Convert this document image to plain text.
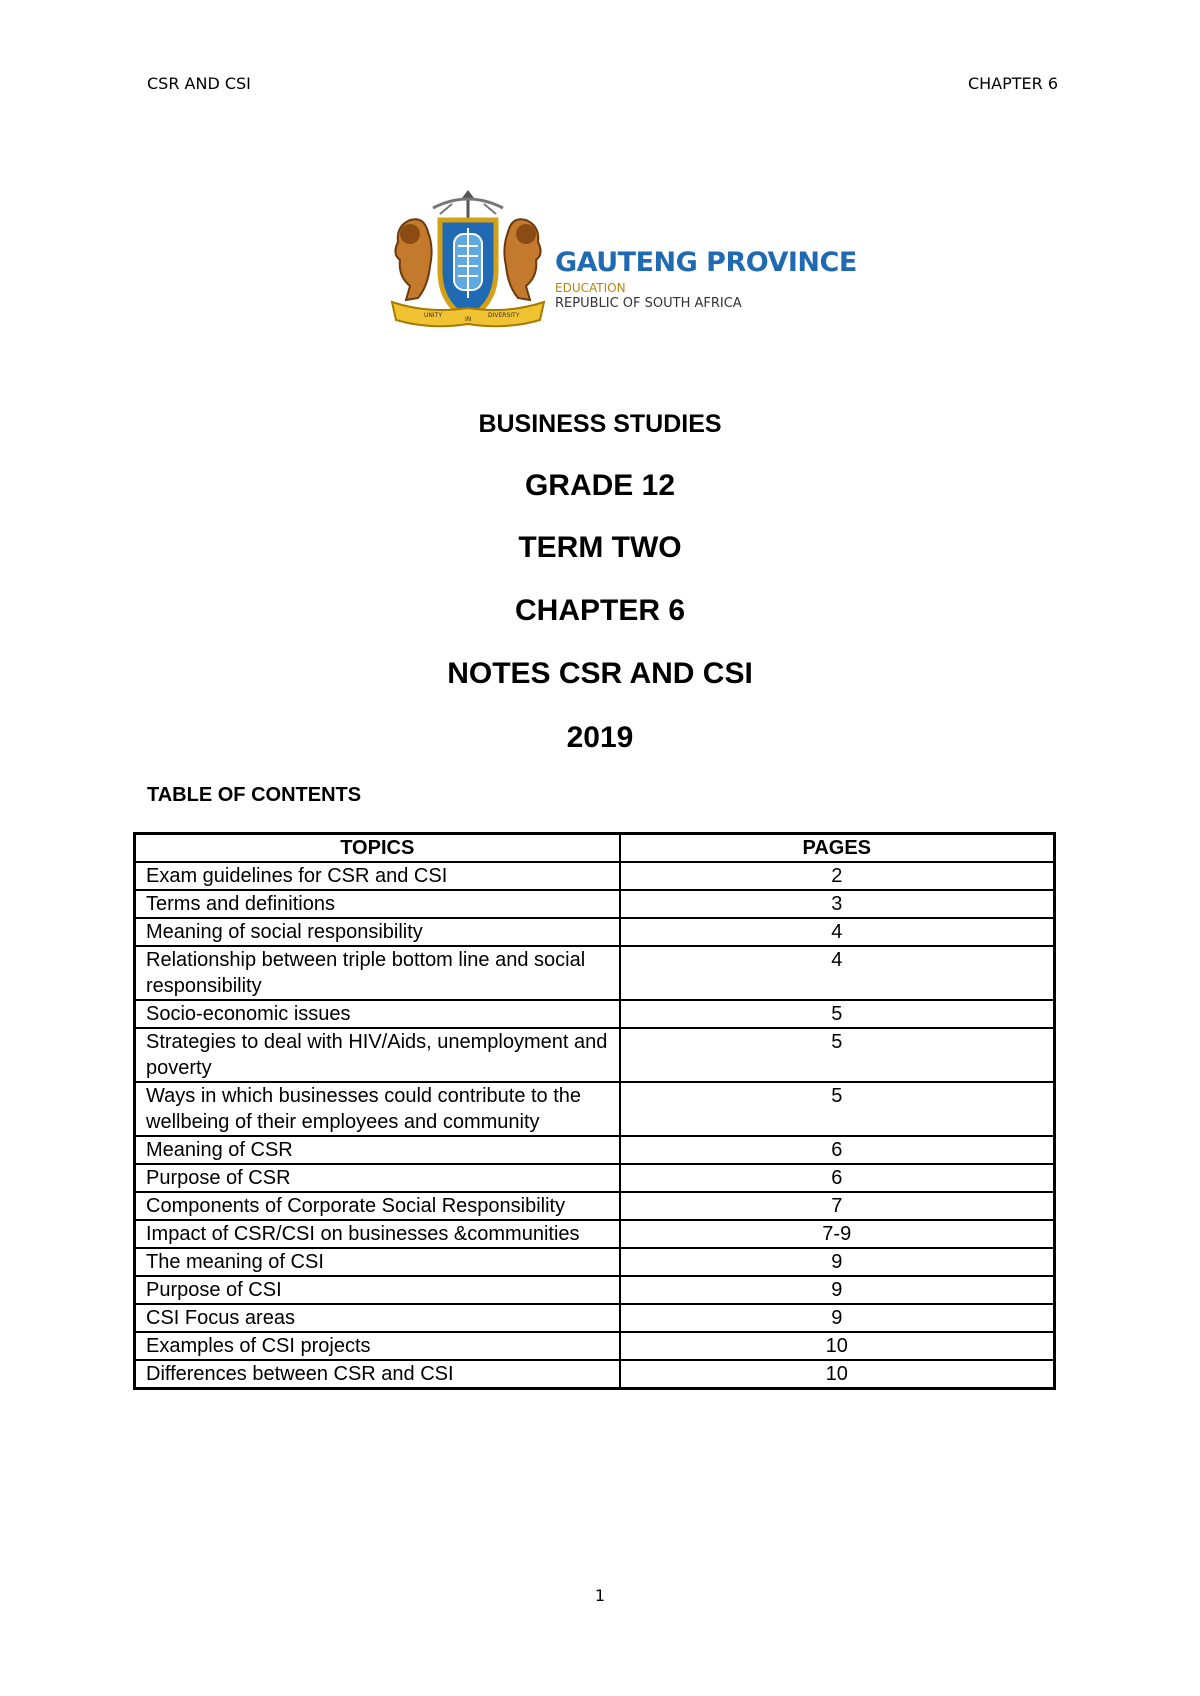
CSR AND CSI	CHAPTER 6
UNITY
IN
DIVERSITY
GAUTENG PROVINCE
EDUCATION
REPUBLIC OF SOUTH AFRICA
BUSINESS STUDIES
GRADE 12
TERM TWO
CHAPTER 6
NOTES CSR AND CSI
2019
TABLE OF CONTENTS
TOPICS	PAGES
Exam guidelines for CSR and CSI	2
Terms and definitions	3
Meaning of social responsibility	4
Relationship between triple bottom line and social responsibility	4
Socio-economic issues	5
Strategies to deal with HIV/Aids, unemployment and poverty	5
Ways in which businesses could contribute to the wellbeing of their employees and community	5
Meaning of CSR	6
Purpose of CSR	6
Components of Corporate Social Responsibility	7
Impact of CSR/CSI on businesses &communities	7-9
The meaning of CSI	9
Purpose of CSI	9
CSI Focus areas	9
Examples of CSI projects	10
Differences between CSR and CSI	10
1
